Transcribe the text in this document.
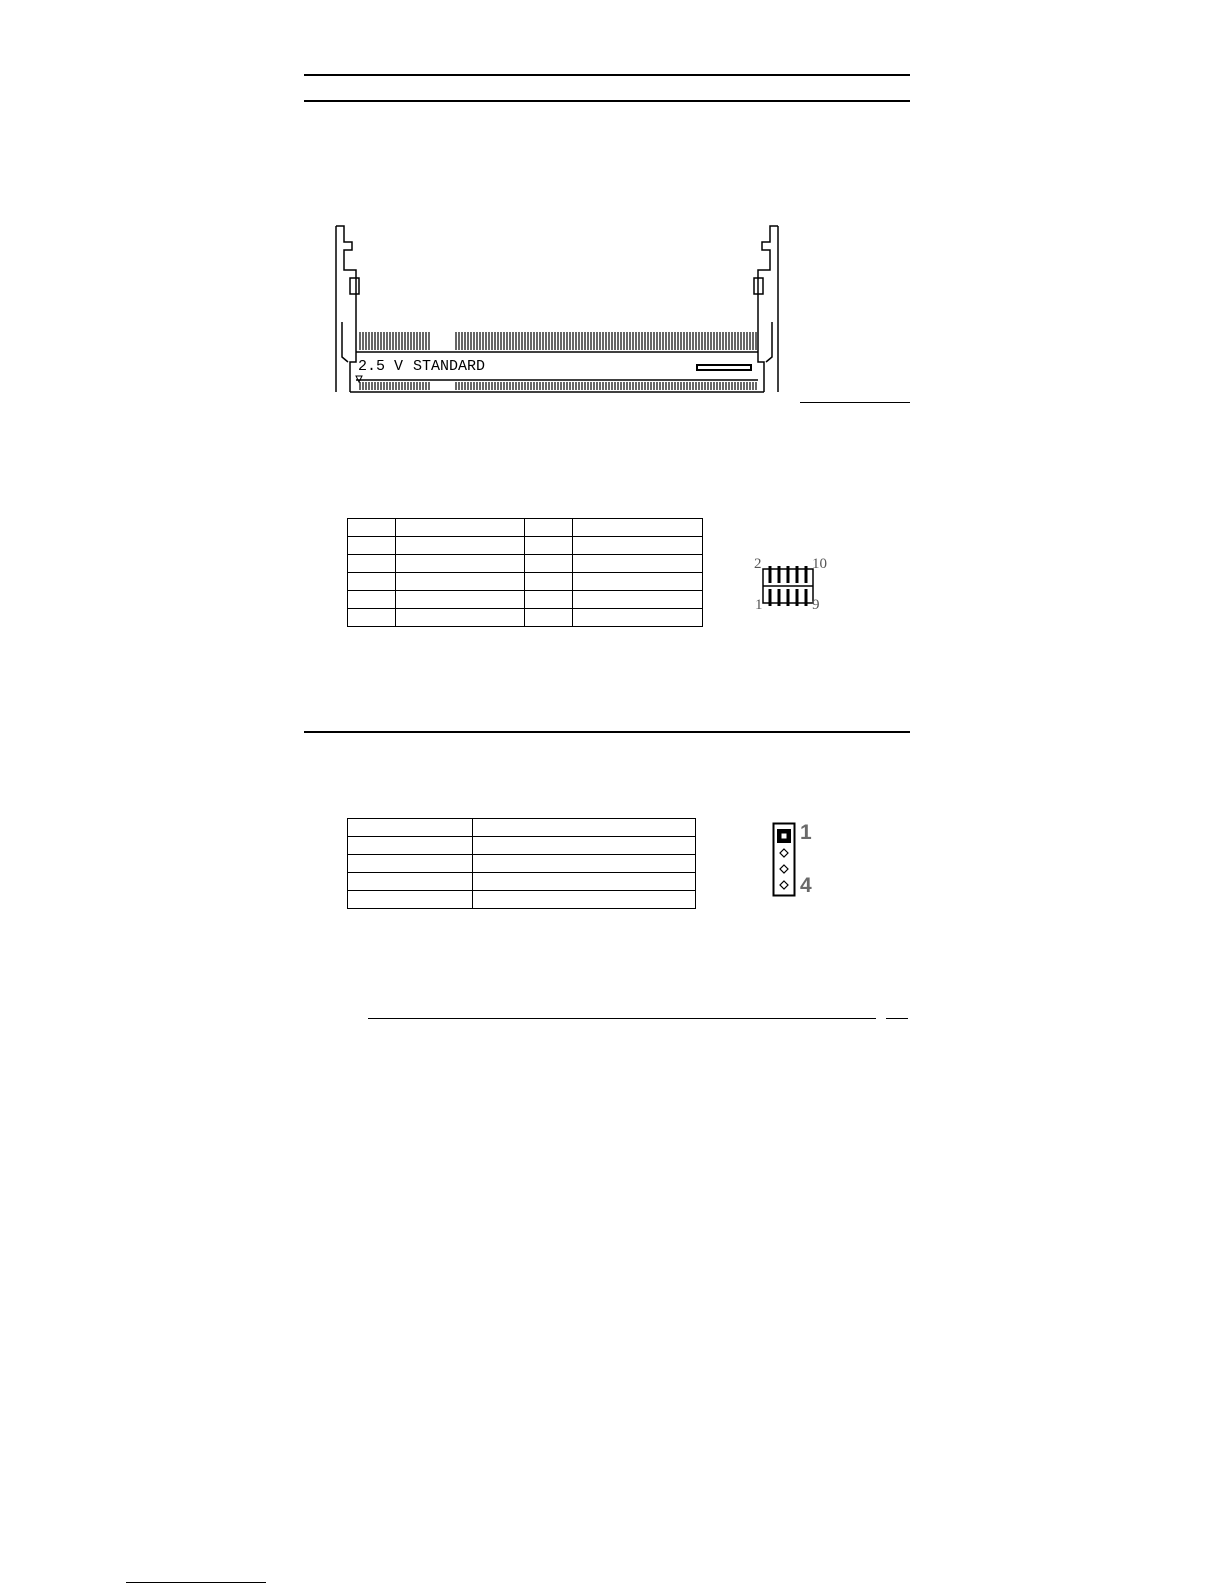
2.5 V STANDARD

2	10
1	9

1
4
